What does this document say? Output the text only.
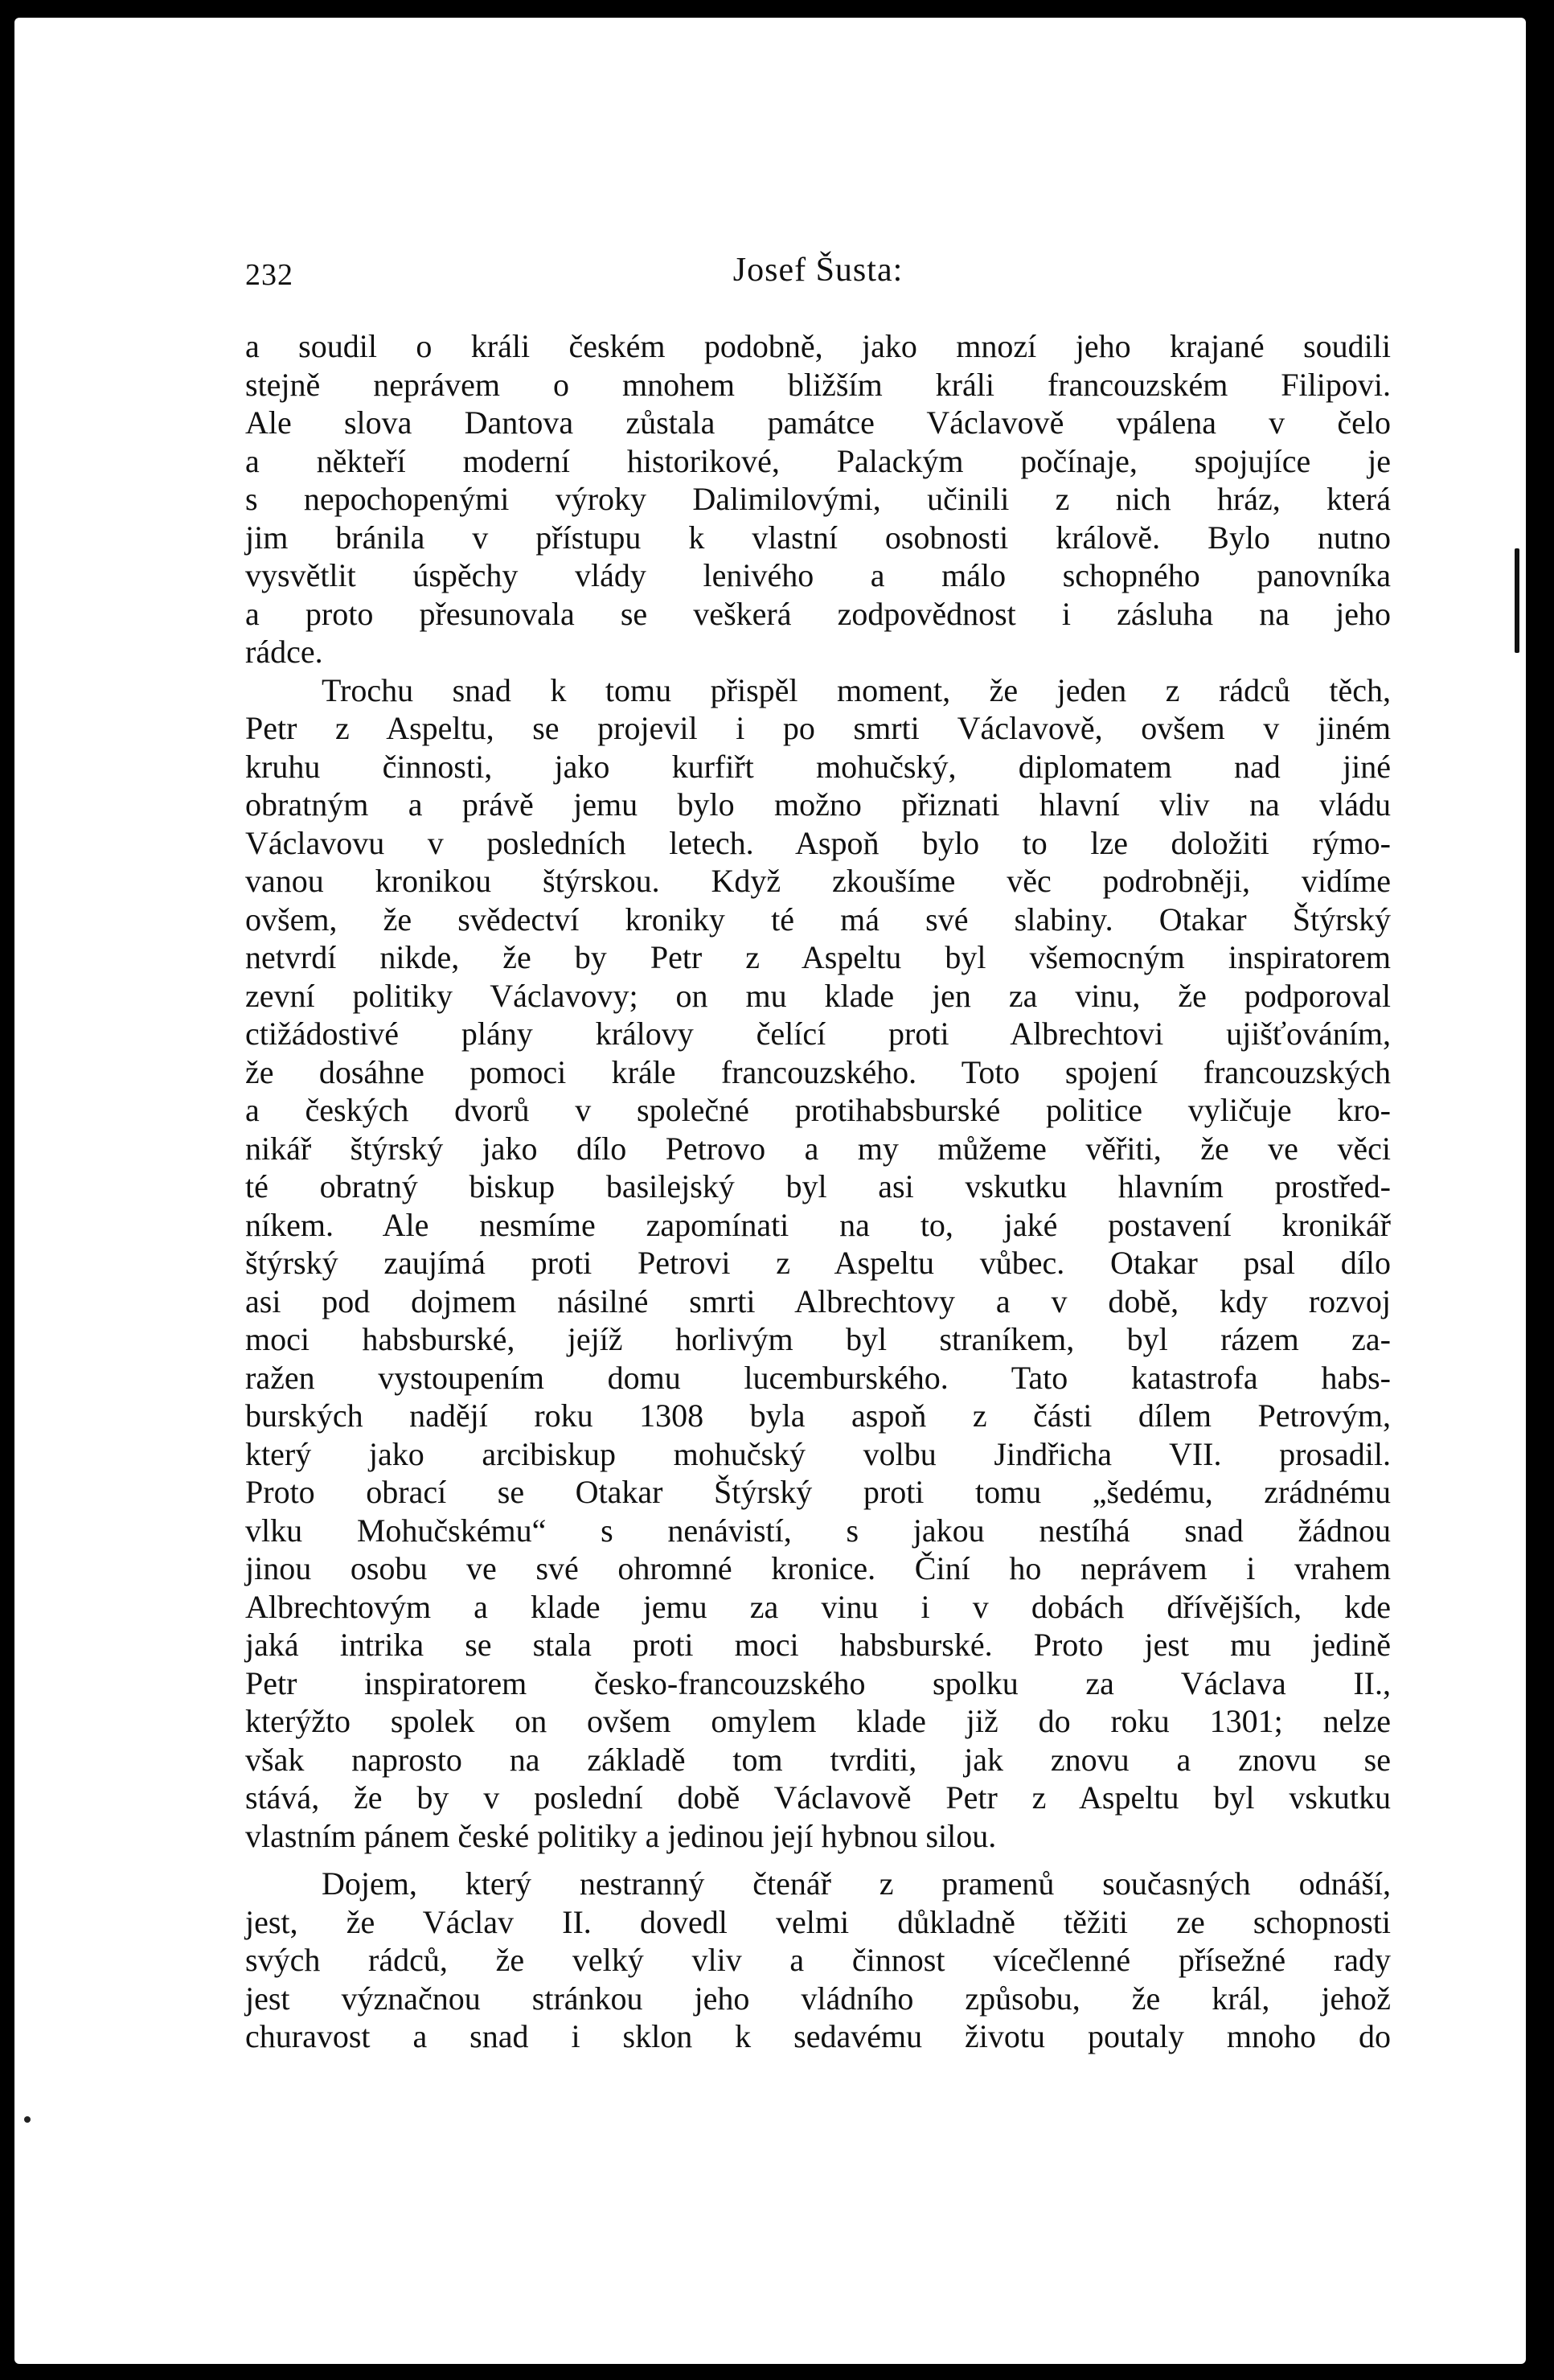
232	Josef Šusta:

a soudil o králi českém podobně, jako mnozí jeho krajané soudili
stejně neprávem o mnohem bližším králi francouzském Filipovi.
Ale slova Dantova zůstala památce Václavově vpálena v čelo
a někteří moderní historikové, Palackým počínaje, spojujíce je
s nepochopenými výroky Dalimilovými, učinili z nich hráz, která
jim bránila v přístupu k vlastní osobnosti královĕ. Bylo nutno
vysvětlit úspěchy vlády lenivého a málo schopného panovníka
a proto přesunovala se veškerá zodpovědnost i zásluha na jeho
rádce.

Trochu snad k tomu přispěl moment, že jeden z rádců těch,
Petr z Aspeltu, se projevil i po smrti Václavově, ovšem v jiném
kruhu činnosti, jako kurfiřt mohučský, diplomatem nad jiné
obratným a právě jemu bylo možno přiznati hlavní vliv na vládu
Václavovu v posledních letech. Aspoň bylo to lze doložiti rýmo-
vanou kronikou štýrskou. Když zkoušíme věc podrobněji, vidíme
ovšem, že svědectví kroniky té má své slabiny. Otakar Štýrský
netvrdí nikde, že by Petr z Aspeltu byl všemocným inspiratorem
zevní politiky Václavovy; on mu klade jen za vinu, že podporoval
ctižádostivé plány královy čelící proti Albrechtovi ujišťováním,
že dosáhne pomoci krále francouzského. Toto spojení francouzských
a českých dvorů v společné protihabsburské politice vyličuje kro-
nikář štýrský jako dílo Petrovo a my můžeme věřiti, že ve věci
té obratný biskup basilejský byl asi vskutku hlavním prostřed-
níkem. Ale nesmíme zapomínati na to, jaké postavení kronikář
štýrský zaujímá proti Petrovi z Aspeltu vůbec. Otakar psal dílo
asi pod dojmem násilné smrti Albrechtovy a v době, kdy rozvoj
moci habsburské, jejíž horlivým byl straníkem, byl rázem za-
ražen vystoupením domu lucemburského. Tato katastrofa habs-
burských nadějí roku 1308 byla aspoň z části dílem Petrovým,
který jako arcibiskup mohučský volbu Jindřicha VII. prosadil.
Proto obrací se Otakar Štýrský proti tomu „šedému, zrádnému
vlku Mohučskému“ s nenávistí, s jakou nestíhá snad žádnou
jinou osobu ve své ohromné kronice. Činí ho neprávem i vrahem
Albrechtovým a klade jemu za vinu i v dobách dřívějších, kde
jaká intrika se stala proti moci habsburské. Proto jest mu jedině
Petr inspiratorem česko-francouzského spolku za Václava II.,
kterýžto spolek on ovšem omylem klade již do roku 1301; nelze
však naprosto na základě tom tvrditi, jak znovu a znovu se
stává, že by v poslední době Václavově Petr z Aspeltu byl vskutku
vlastním pánem české politiky a jedinou její hybnou silou.

Dojem, který nestranný čtenář z pramenů současných odnáší,
jest, že Václav II. dovedl velmi důkladně těžiti ze schopnosti
svých rádců, že velký vliv a činnost vícečlenné přísežné rady
jest význačnou stránkou jeho vládního způsobu, že král, jehož
churavost a snad i sklon k sedavému životu poutaly mnoho do
